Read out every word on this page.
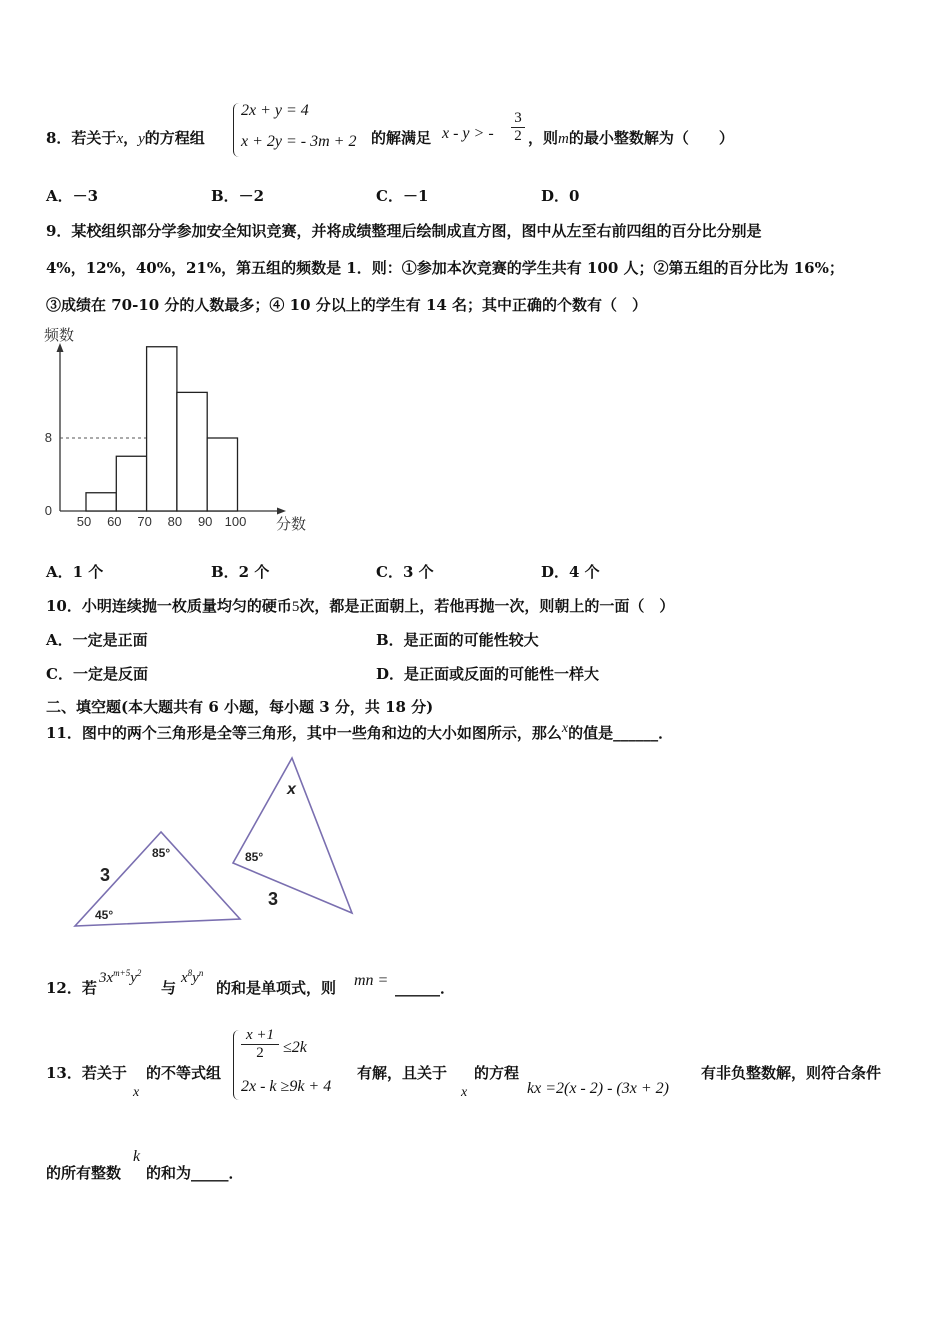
8．若关于x，y的方程组
2x + y = 4
x + 2y = - 3m + 2 的解满足 x - y > - $\frac{3}{2}$ ，则m的最小整数解为（　　）
A．－3	B．－2	C．－1	D．0
9．某校组织部分学参加安全知识竞赛，并将成绩整理后绘制成直方图，图中从左至右前四组的百分比分别是
4%，12%，40%，21%，第五组的频数是 1．则：①参加本次竞赛的学生共有 100 人；②第五组的百分比为 16%；
③成绩在 70-10 分的人数最多；④ 10 分以上的学生有 14 名；其中正确的个数有（　）
50 60 70 80 90 100
0
8
频数
分数
A．1 个	B．2 个	C．3 个	D．4 个
10．小明连续抛一枚质量均匀的硬币5次，都是正面朝上，若他再抛一次，则朝上的一面（　）
A．一定是正面	B．是正面的可能性较大
C．一定是反面	D．是正面或反面的可能性一样大
二、填空题(本大题共有 6 小题，每小题 3 分，共 18 分)
11．图中的两个三角形是全等三角形，其中一些角和边的大小如图所示，那么x的值是______．
3
85°
45°
x
85°
3
12．若
$3x^{m+5}y^2$
与
$x^8y^n$
的和是单项式，则 mn = ______．
13．若关于
x
的不等式组
$\frac{x +1}{2} \le 2k$
2x - k ≥9k + 4
有解，且关于
x
的方程
kx =2(x - 2) - (3x + 2)
有非负整数解，则符合条件
的所有整数
k
的和为_____．
